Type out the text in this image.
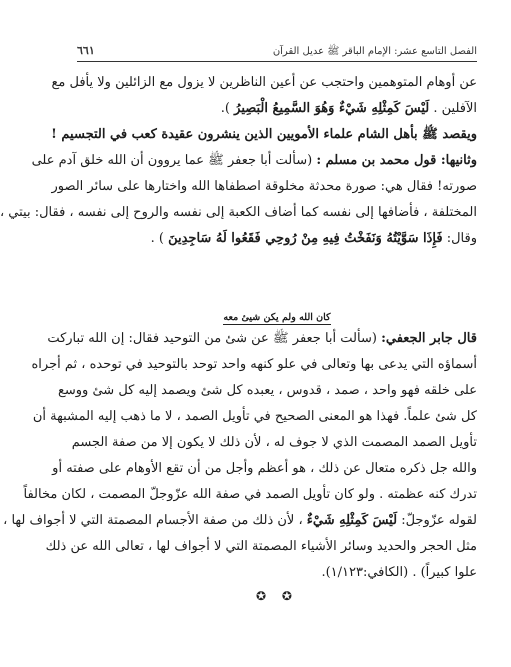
الفصل التاسع عشر: الإمام الباقر ﷺ عديل القرآن
٦٦١
عن أوهام المتوهمين واحتجب عن أعين الناظرين لا يزول مع الزائلين ولا يأفل مع
الآفلين . لَيْسَ كَمِثْلِهِ شَيْءٌ وَهُوَ السَّمِيعُ الْبَصِيرُ ).
ويقصد ﷺ بأهل الشام علماء الأمويين الذين ينشرون عقيدة كعب في التجسيم !
وثانيها: قول محمد بن مسلم : (سألت أبا جعفر ﷺ عما يروون أن الله خلق آدم على
صورته! فقال هي: صورة محدثة مخلوقة اصطفاها الله واختارها على سائر الصور
المختلفة ، فأضافها إلى نفسه كما أضاف الكعبة إلى نفسه والروح إلى نفسه ، فقال: بيتي ،
وقال: فَإِذَا سَوَّيْتُهُ وَنَفَخْتُ فِيهِ مِنْ رُوحِي فَقَعُوا لَهُ سَاجِدِينَ ) .
كان الله ولم يكن شيئ معه
قال جابر الجعفي: (سألت أبا جعفر ﷺ عن شئ من التوحيد فقال: إن الله تباركت
أسماؤه التي يدعى بها وتعالى في علو كنهه واحد توحد بالتوحيد في توحده ، ثم أجراه
على خلقه فهو واحد ، صمد ، قدوس ، يعبده كل شئ ويصمد إليه كل شئ ووسع
كل شئ علماً. فهذا هو المعنى الصحيح في تأويل الصمد ، لا ما ذهب إليه المشبهة أن
تأويل الصمد المصمت الذي لا جوف له ، لأن ذلك لا يكون إلا من صفة الجسم
والله جل ذكره متعال عن ذلك ، هو أعظم وأجل من أن تقع الأوهام على صفته أو
تدرك كنه عظمته . ولو كان تأويل الصمد في صفة الله عزّوجلّ المصمت ، لكان مخالفاً
لقوله عزّوجلّ: لَيْسَ كَمِثْلِهِ شَيْءٌ ، لأن ذلك من صفة الأجسام المصمتة التي لا أجواف لها ،
مثل الحجر والحديد وسائر الأشياء المصمتة التي لا أجواف لها ، تعالى الله عن ذلك
علوا كبيراً) . (الكافي:١/١٢٣).
✪ ✪
